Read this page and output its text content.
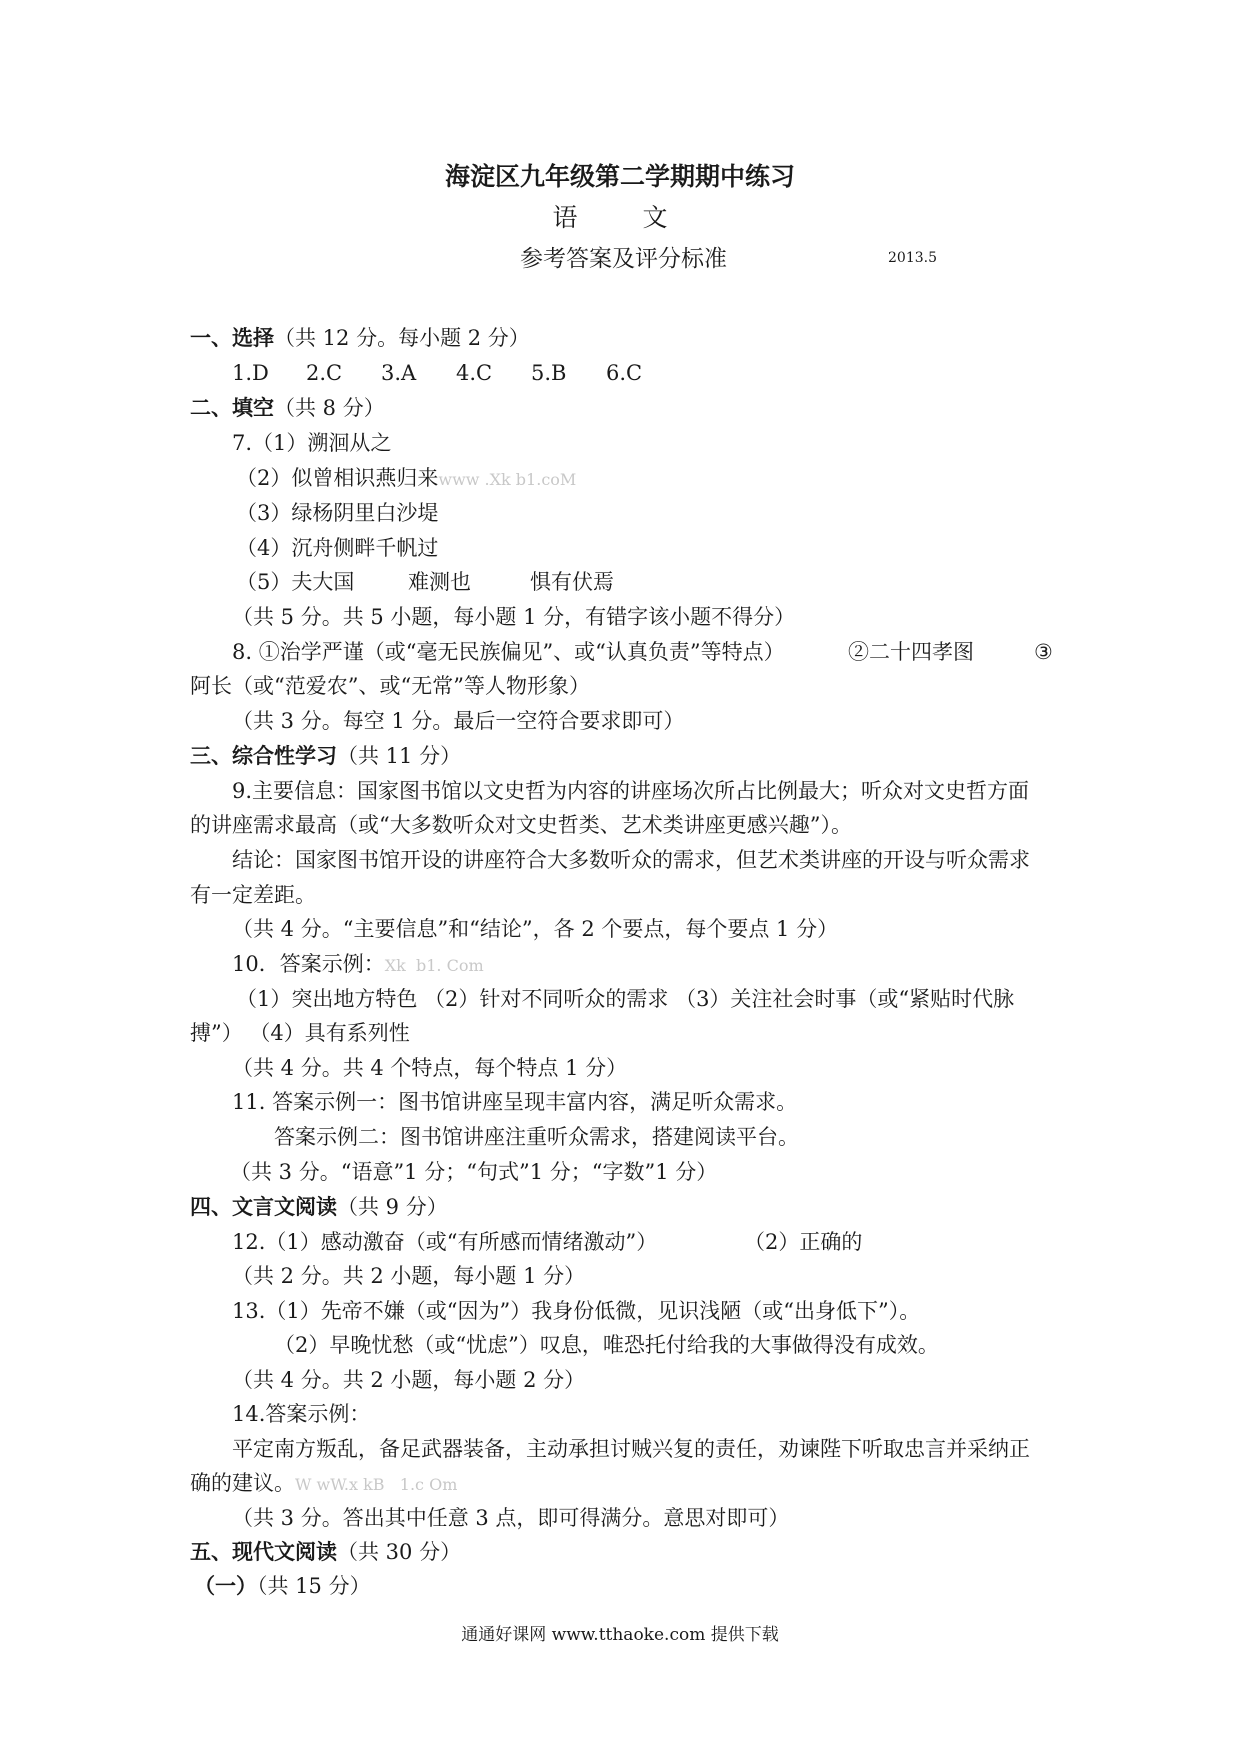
海淀区九年级第二学期期中练习
语　文
参考答案及评分标准	2013.5
一、选择（共 12 分。每小题 2 分）
1.D 2.C 3.A 4.C 5.B 6.C
二、填空（共 8 分）
7.（1）溯洄从之
（2）似曾相识燕归来www .Xk b1.coM
（3）绿杨阴里白沙堤
（4）沉舟侧畔千帆过
（5）夫大国	难测也	惧有伏焉
（共 5 分。共 5 小题，每小题 1 分，有错字该小题不得分）
8. ①治学严谨（或“毫无民族偏见”、或“认真负责”等特点）	②二十四孝图	③
阿长（或“范爱农”、或“无常”等人物形象）
（共 3 分。每空 1 分。最后一空符合要求即可）
三、综合性学习（共 11 分）
9.主要信息：国家图书馆以文史哲为内容的讲座场次所占比例最大；听众对文史哲方面
的讲座需求最高（或“大多数听众对文史哲类、艺术类讲座更感兴趣”）。
结论：国家图书馆开设的讲座符合大多数听众的需求，但艺术类讲座的开设与听众需求
有一定差距。
（共 4 分。“主要信息”和“结论”，各 2 个要点，每个要点 1 分）
10．答案示例：Xk  b1. Com
（1）突出地方特色 （2）针对不同听众的需求 （3）关注社会时事（或“紧贴时代脉
搏”） （4）具有系列性
（共 4 分。共 4 个特点，每个特点 1 分）
11. 答案示例一：图书馆讲座呈现丰富内容，满足听众需求。
答案示例二：图书馆讲座注重听众需求，搭建阅读平台。
（共 3 分。“语意”1 分；“句式”1 分；“字数”1 分）
四、文言文阅读（共 9 分）
12.（1）感动激奋（或“有所感而情绪激动”）	（2）正确的
（共 2 分。共 2 小题，每小题 1 分）
13.（1）先帝不嫌（或“因为”）我身份低微，见识浅陋（或“出身低下”）。
（2）早晚忧愁（或“忧虑”）叹息，唯恐托付给我的大事做得没有成效。
（共 4 分。共 2 小题，每小题 2 分）
14.答案示例：
平定南方叛乱，备足武器装备，主动承担讨贼兴复的责任，劝谏陛下听取忠言并采纳正
确的建议。W wW.x kB   1.c Om
（共 3 分。答出其中任意 3 点，即可得满分。意思对即可）
五、现代文阅读（共 30 分）
（一）（共 15 分）
通通好课网 www.tthaoke.com 提供下载
